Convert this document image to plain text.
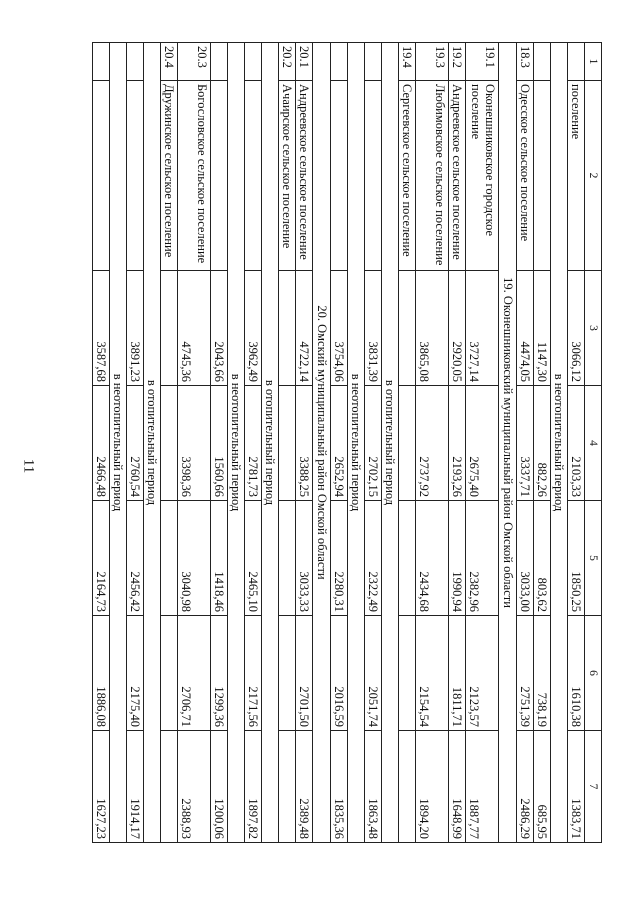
11
1	2	3	4	5	6	7
	поселение	3066,12	2103,33	1850,25	1610,38	1383,71
в неотопительный период						
		1147,30	882,26	803,62	738,19	685,95
18.3	Одесское сельское поселение	4474,05	3337,71	3033,00	2751,39	2486,29
19. Оконешниковский муниципальный район Омской области						
19.1	Оконешниковское городское поселение	3727,14	2675,40	2382,96	2123,57	1887,77
19.2	Андреевское сельское поселение	2920,05	2193,26	1990,94	1811,71	1648,99
19.3	Любимовское сельское поселение	3865,08	2737,92	2434,68	2154,54	1894,20
19.4	Сергеевское сельское поселение					
в отопительный период						
		3831,39	2702,15	2322,49	2051,74	1863,48
в неотопительный период						
		3754,06	2652,94	2280,31	2016,59	1835,36
20. Омский муниципальный район Омской области						
20.1	Андреевское сельское поселение	4722,14	3388,25	3033,33	2701,50	2389,48
20.2	Ачаирское сельское поселение					
в отопительный период						
		3962,49	2781,73	2465,10	2171,56	1897,82
в неотопительный период						
		2043,66	1560,66	1418,46	1299,36	1200,06
20.3	Богословское сельское поселение	4745,36	3398,36	3040,98	2706,71	2388,93
20.4	Дружинское сельское поселение					
в отопительный период						
		3891,23	2760,54	2456,42	2175,40	1914,17
в неотопительный период						
		3587,68	2466,48	2164,73	1886,08	1627,23
